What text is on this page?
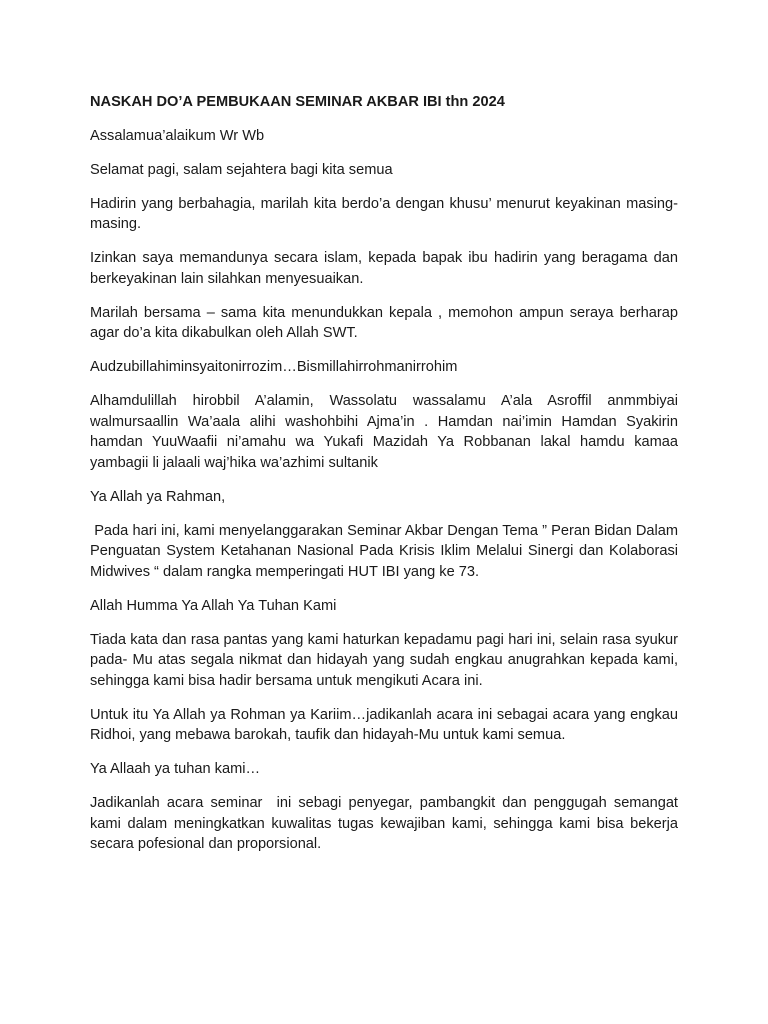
NASKAH DO’A PEMBUKAAN SEMINAR AKBAR IBI thn 2024

Assalamua’alaikum Wr Wb

Selamat pagi, salam sejahtera bagi kita semua

Hadirin yang berbahagia, marilah kita berdo’a dengan khusu’ menurut keyakinan masing-masing.

Izinkan saya memandunya secara islam, kepada bapak ibu hadirin yang beragama dan berkeyakinan lain silahkan menyesuaikan.

Marilah bersama – sama kita menundukkan kepala , memohon ampun seraya berharap agar do’a kita dikabulkan oleh Allah SWT.

Audzubillahiminsyaitonirrozim…Bismillahirrohmanirrohim

Alhamdulillah hirobbil A’alamin, Wassolatu wassalamu A’ala Asroffil anmmbiyai walmursaallin Wa’aala alihi washohbihi Ajma’in . Hamdan nai’imin Hamdan Syakirin hamdan YuuWaafii ni’amahu wa Yukafi Mazidah Ya Robbanan lakal hamdu kamaa yambagii li jalaali waj’hika wa’azhimi sultanik

Ya Allah ya Rahman,

Pada hari ini, kami menyelanggarakan Seminar Akbar Dengan Tema ” Peran Bidan Dalam Penguatan System Ketahanan Nasional Pada Krisis Iklim Melalui Sinergi dan Kolaborasi Midwives “ dalam rangka memperingati HUT IBI yang ke 73.

Allah Humma Ya Allah Ya Tuhan Kami

Tiada kata dan rasa pantas yang kami haturkan kepadamu pagi hari ini, selain rasa syukur pada- Mu atas segala nikmat dan hidayah yang sudah engkau anugrahkan kepada kami, sehingga kami bisa hadir bersama untuk mengikuti Acara ini.

Untuk itu Ya Allah ya Rohman ya Kariim…jadikanlah acara ini sebagai acara yang engkau Ridhoi, yang mebawa barokah, taufik dan hidayah-Mu untuk kami semua.

Ya Allaah ya tuhan kami…

Jadikanlah acara seminar  ini sebagi penyegar, pambangkit dan penggugah semangat kami dalam meningkatkan kuwalitas tugas kewajiban kami, sehingga kami bisa bekerja secara pofesional dan proporsional.
